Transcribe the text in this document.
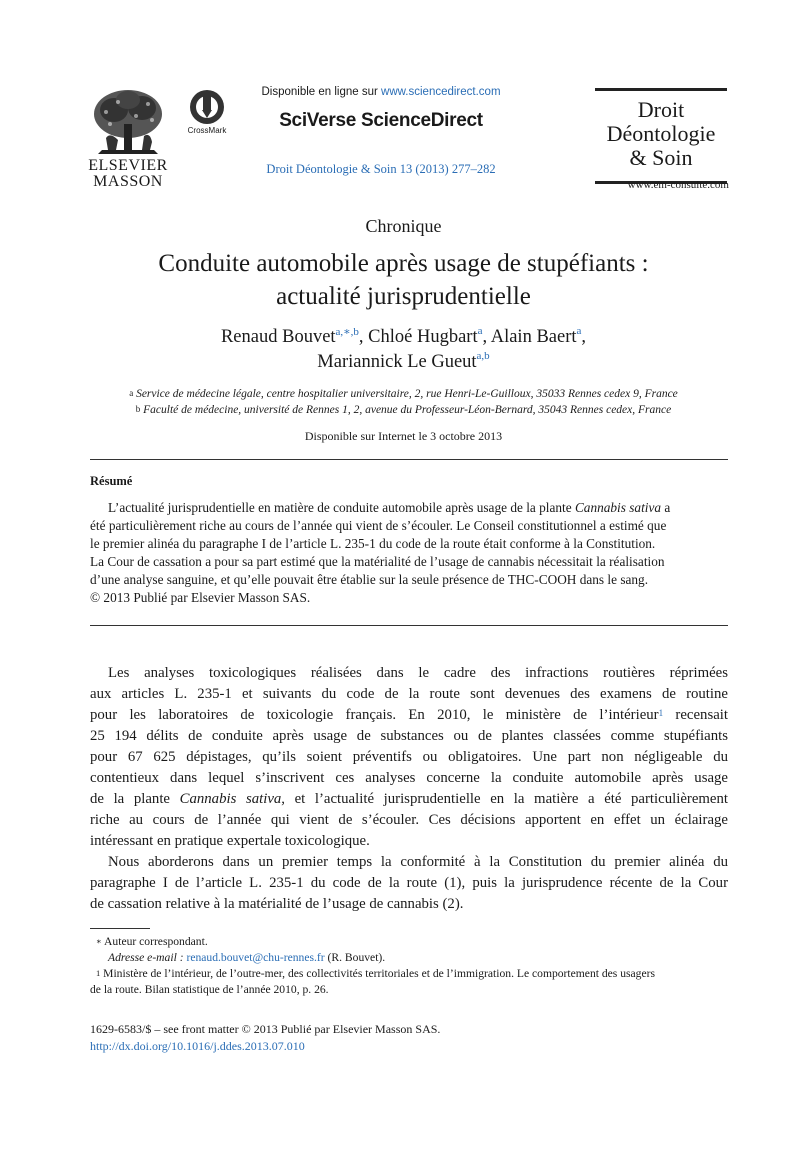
ELSEVIER
MASSON
CrossMark
Disponible en ligne sur www.sciencedirect.com
SciVerse ScienceDirect
Droit Déontologie & Soin 13 (2013) 277–282
Droit
Déontologie
& Soin
www.em-consulte.com
Chronique
Conduite automobile après usage de stupéfiants :
actualité jurisprudentielle
Renaud Bouvet$^{a,∗,b}$, Chloé Hugbart$^a$, Alain Baert$^a$,
Mariannick Le Gueut$^{a,b}$
$^a$ Service de médecine légale, centre hospitalier universitaire, 2, rue Henri-Le-Guilloux, 35033 Rennes cedex 9, France
$^b$ Faculté de médecine, université de Rennes 1, 2, avenue du Professeur-Léon-Bernard, 35043 Rennes cedex, France
Disponible sur Internet le 3 octobre 2013
Résumé
L’actualité jurisprudentielle en matière de conduite automobile après usage de la plante Cannabis sativa a
été particulièrement riche au cours de l’année qui vient de s’écouler. Le Conseil constitutionnel a estimé que
le premier alinéa du paragraphe I de l’article L. 235-1 du code de la route était conforme à la Constitution.
La Cour de cassation a pour sa part estimé que la matérialité de l’usage de cannabis nécessitait la réalisation
d’une analyse sanguine, et qu’elle pouvait être établie sur la seule présence de THC-COOH dans le sang.
© 2013 Publié par Elsevier Masson SAS.
Les analyses toxicologiques réalisées dans le cadre des infractions routières réprimées
aux articles L. 235-1 et suivants du code de la route sont devenues des examens de routine
pour les laboratoires de toxicologie français. En 2010, le ministère de l’intérieur$^1$ recensait
25 194 délits de conduite après usage de substances ou de plantes classées comme stupéfiants
pour 67 625 dépistages, qu’ils soient préventifs ou obligatoires. Une part non négligeable du
contentieux dans lequel s’inscrivent ces analyses concerne la conduite automobile après usage
de la plante Cannabis sativa, et l’actualité jurisprudentielle en la matière a été particulièrement
riche au cours de l’année qui vient de s’écouler. Ces décisions apportent en effet un éclairage
intéressant en pratique expertale toxicologique.
Nous aborderons dans un premier temps la conformité à la Constitution du premier alinéa du
paragraphe I de l’article L. 235-1 du code de la route (1), puis la jurisprudence récente de la Cour
de cassation relative à la matérialité de l’usage de cannabis (2).
∗ Auteur correspondant.
Adresse e-mail : renaud.bouvet@chu-rennes.fr (R. Bouvet).
$^1$ Ministère de l’intérieur, de l’outre-mer, des collectivités territoriales et de l’immigration. Le comportement des usagers
de la route. Bilan statistique de l’année 2010, p. 26.
1629-6583/$ – see front matter © 2013 Publié par Elsevier Masson SAS.
http://dx.doi.org/10.1016/j.ddes.2013.07.010
